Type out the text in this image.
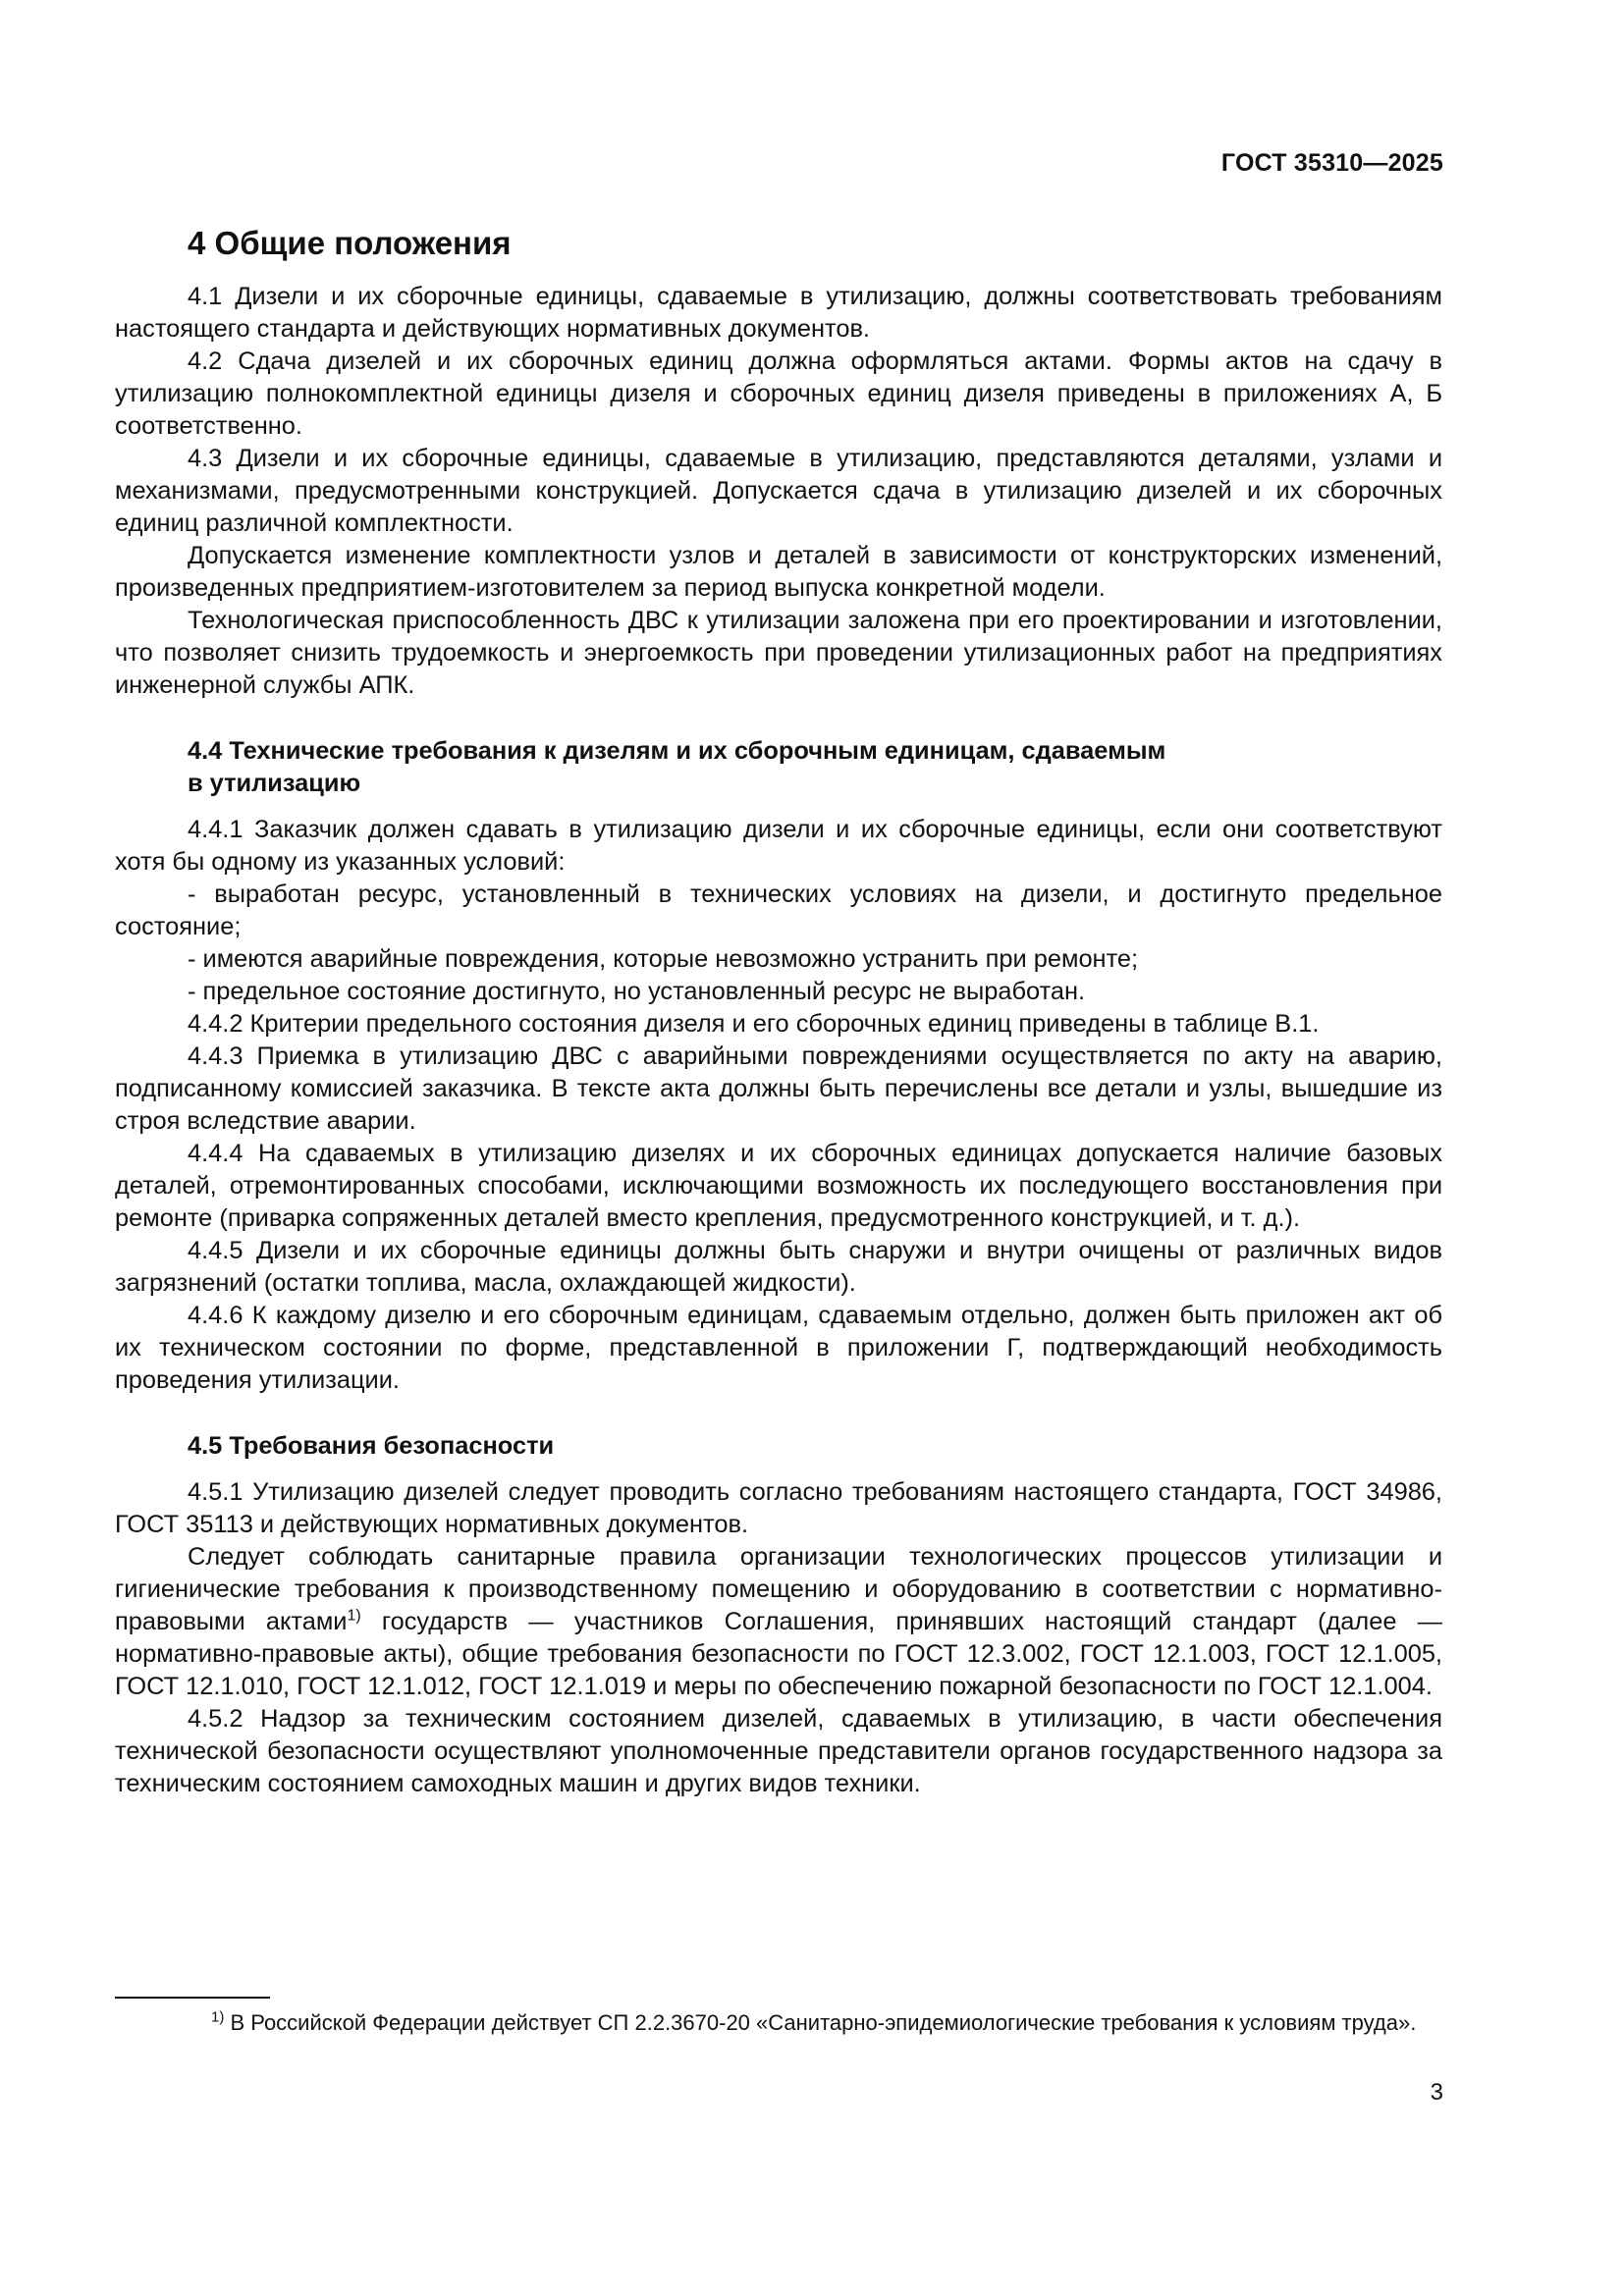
ГОСТ 35310—2025
4 Общие положения

4.1 Дизели и их сборочные единицы, сдаваемые в утилизацию, должны соответствовать требованиям настоящего стандарта и действующих нормативных документов.

4.2 Сдача дизелей и их сборочных единиц должна оформляться актами. Формы актов на сдачу в утилизацию полнокомплектной единицы дизеля и сборочных единиц дизеля приведены в приложениях А, Б соответственно.

4.3 Дизели и их сборочные единицы, сдаваемые в утилизацию, представляются деталями, узлами и механизмами, предусмотренными конструкцией. Допускается сдача в утилизацию дизелей и их сборочных единиц различной комплектности.

Допускается изменение комплектности узлов и деталей в зависимости от конструкторских изменений, произведенных предприятием-изготовителем за период выпуска конкретной модели.

Технологическая приспособленность ДВС к утилизации заложена при его проектировании и изготовлении, что позволяет снизить трудоемкость и энергоемкость при проведении утилизационных работ на предприятиях инженерной службы АПК.

4.4 Технические требования к дизелям и их сборочным единицам, сдаваемым
в утилизацию

4.4.1 Заказчик должен сдавать в утилизацию дизели и их сборочные единицы, если они соответствуют хотя бы одному из указанных условий:

- выработан ресурс, установленный в технических условиях на дизели, и достигнуто предельное состояние;

- имеются аварийные повреждения, которые невозможно устранить при ремонте;

- предельное состояние достигнуто, но установленный ресурс не выработан.

4.4.2 Критерии предельного состояния дизеля и его сборочных единиц приведены в таблице В.1.

4.4.3 Приемка в утилизацию ДВС с аварийными повреждениями осуществляется по акту на аварию, подписанному комиссией заказчика. В тексте акта должны быть перечислены все детали и узлы, вышедшие из строя вследствие аварии.

4.4.4 На сдаваемых в утилизацию дизелях и их сборочных единицах допускается наличие базовых деталей, отремонтированных способами, исключающими возможность их последующего восстановления при ремонте (приварка сопряженных деталей вместо крепления, предусмотренного конструкцией, и т. д.).

4.4.5 Дизели и их сборочные единицы должны быть снаружи и внутри очищены от различных видов загрязнений (остатки топлива, масла, охлаждающей жидкости).

4.4.6 К каждому дизелю и его сборочным единицам, сдаваемым отдельно, должен быть приложен акт об их техническом состоянии по форме, представленной в приложении Г, подтверждающий необходимость проведения утилизации.

4.5 Требования безопасности

4.5.1 Утилизацию дизелей следует проводить согласно требованиям настоящего стандарта, ГОСТ 34986, ГОСТ 35113 и действующих нормативных документов.

Следует соблюдать санитарные правила организации технологических процессов утилизации и гигиенические требования к производственному помещению и оборудованию в соответствии с нормативно-правовыми актами$^{1)}$ государств — участников Соглашения, принявших настоящий стандарт (далее — нормативно-правовые акты), общие требования безопасности по ГОСТ 12.3.002, ГОСТ 12.1.003, ГОСТ 12.1.005, ГОСТ 12.1.010, ГОСТ 12.1.012, ГОСТ 12.1.019 и меры по обеспечению пожарной безопасности по ГОСТ 12.1.004.

4.5.2 Надзор за техническим состоянием дизелей, сдаваемых в утилизацию, в части обеспечения технической безопасности осуществляют уполномоченные представители органов государственного надзора за техническим состоянием самоходных машин и других видов техники.

$^{1)}$ В Российской Федерации действует СП 2.2.3670-20 «Санитарно-эпидемиологические требования к условиям труда».
3
